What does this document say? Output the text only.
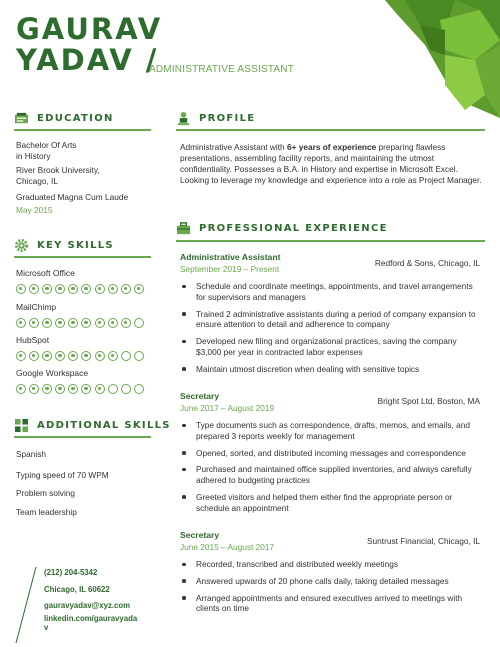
GAURAV
YADAV /
ADMINISTRATIVE ASSISTANT
EDUCATION
Bachelor Of Arts
in History
River Brook University,
Chicago, IL
Graduated Magna Cum Laude
May 2015
KEY SKILLS
Microsoft Office
MailChimp
HubSpot
Google Workspace
ADDITIONAL SKILLS
Spanish
Typing speed of 70 WPM
Problem solving
Team leadership
(212) 204-5342
Chicago, IL 60622
gauravyadav@xyz.com
linkedin.com/gauravyada
v
PROFILE
Administrative Assistant with 6+ years of experience preparing flawless presentations, assembling facility reports, and maintaining the utmost confidentiality. Possesses a B.A. in History and expertise in Microsoft Excel. Looking to leverage my knowledge and experience into a role as Project Manager.
PROFESSIONAL EXPERIENCE
Administrative Assistant
Redford & Sons, Chicago, IL
September 2019 – Present
Schedule and coordinate meetings, appointments, and travel arrangements for supervisors and managers
Trained 2 administrative assistants during a period of company expansion to ensure attention to detail and adherence to company
Developed new filing and organizational practices, saving the company $3,000 per year in contracted labor expenses
Maintain utmost discretion when dealing with sensitive topics
Secretary	Bright Spot Ltd, Boston, MA
June 2017 – August 2019
Type documents such as correspondence, drafts, memos, and emails, and prepared 3 reports weekly for management
Opened, sorted, and distributed incoming messages and correspondence
Purchased and maintained office supplied inventories, and always carefully adhered to budgeting practices
Greeted visitors and helped them either find the appropriate person or schedule an appointment
Secretary
Suntrust Financial, Chicago, IL
June 2015 – August 2017
Recorded, transcribed and distributed weekly meetings
Answered upwards of 20 phone calls daily, taking detailed messages
Arranged appointments and ensured executives arrived to meetings with clients on time
